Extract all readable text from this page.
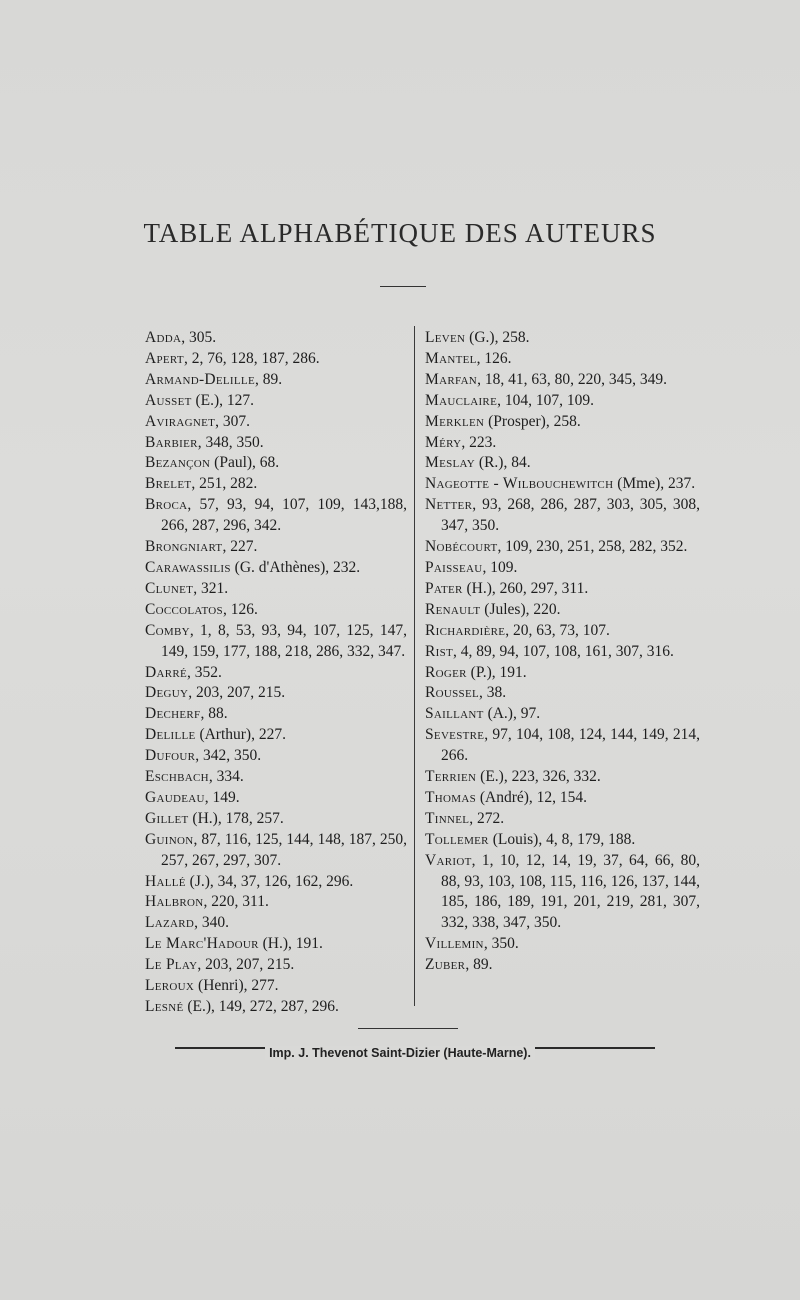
TABLE ALPHABÉTIQUE DES AUTEURS
Adda, 305.
Apert, 2, 76, 128, 187, 286.
Armand-Delille, 89.
Ausset (E.), 127.
Aviragnet, 307.
Barbier, 348, 350.
Bezançon (Paul), 68.
Brelet, 251, 282.
Broca, 57, 93, 94, 107, 109, 143,188, 266, 287, 296, 342.
Brongniart, 227.
Carawassilis (G. d'Athènes), 232.
Clunet, 321.
Coccolatos, 126.
Comby, 1, 8, 53, 93, 94, 107, 125, 147, 149, 159, 177, 188, 218, 286, 332, 347.
Darré, 352.
Deguy, 203, 207, 215.
Decherf, 88.
Delille (Arthur), 227.
Dufour, 342, 350.
Eschbach, 334.
Gaudeau, 149.
Gillet (H.), 178, 257.
Guinon, 87, 116, 125, 144, 148, 187, 250, 257, 267, 297, 307.
Hallé (J.), 34, 37, 126, 162, 296.
Halbron, 220, 311.
Lazard, 340.
Le Marc'Hadour (H.), 191.
Le Play, 203, 207, 215.
Leroux (Henri), 277.
Lesné (E.), 149, 272, 287, 296.
Leven (G.), 258.
Mantel, 126.
Marfan, 18, 41, 63, 80, 220, 345, 349.
Mauclaire, 104, 107, 109.
Merklen (Prosper), 258.
Méry, 223.
Meslay (R.), 84.
Nageotte - Wilbouchewitch (Mme), 237.
Netter, 93, 268, 286, 287, 303, 305, 308, 347, 350.
Nobécourt, 109, 230, 251, 258, 282, 352.
Paisseau, 109.
Pater (H.), 260, 297, 311.
Renault (Jules), 220.
Richardière, 20, 63, 73, 107.
Rist, 4, 89, 94, 107, 108, 161, 307, 316.
Roger (P.), 191.
Roussel, 38.
Saillant (A.), 97.
Sevestre, 97, 104, 108, 124, 144, 149, 214, 266.
Terrien (E.), 223, 326, 332.
Thomas (André), 12, 154.
Tinnel, 272.
Tollemer (Louis), 4, 8, 179, 188.
Variot, 1, 10, 12, 14, 19, 37, 64, 66, 80, 88, 93, 103, 108, 115, 116, 126, 137, 144, 185, 186, 189, 191, 201, 219, 281, 307, 332, 338, 347, 350.
Villemin, 350.
Zuber, 89.
Imp. J. Thevenot Saint-Dizier (Haute-Marne).
